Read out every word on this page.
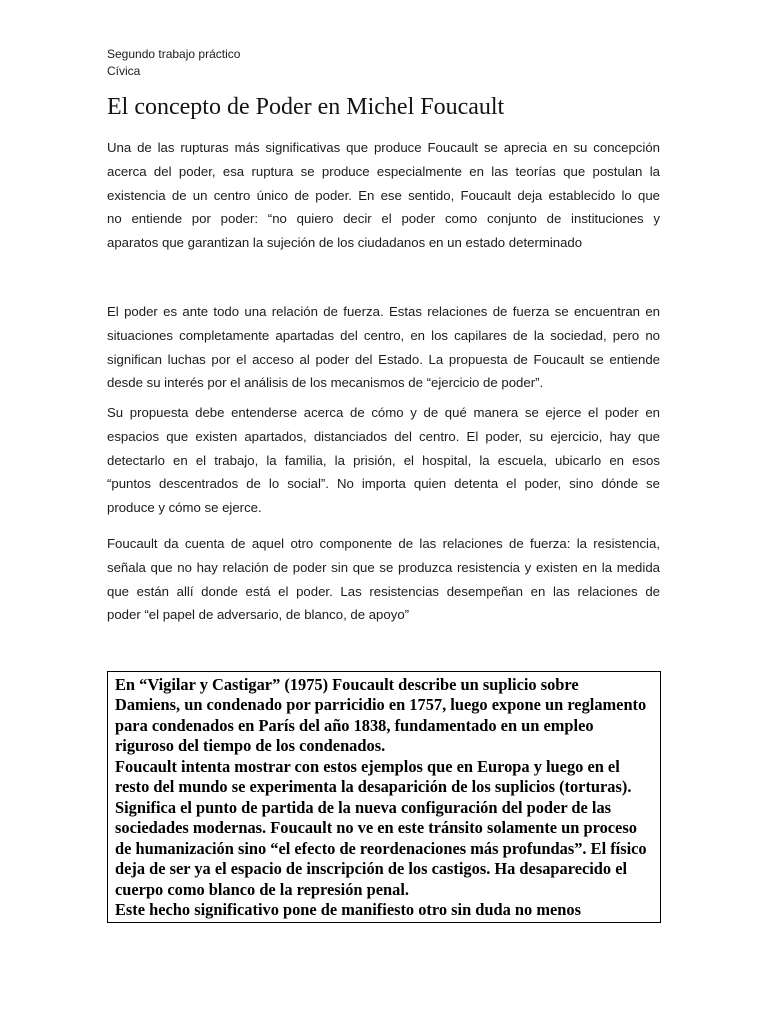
Segundo trabajo práctico
Cívica
El concepto de Poder en Michel Foucault
Una de las rupturas más significativas que produce Foucault se aprecia en su concepción
acerca del poder, esa ruptura se produce especialmente en las teorías que postulan la
existencia de un centro único de poder. En ese sentido, Foucault deja establecido lo que
no entiende por poder: “no quiero decir el poder como conjunto de instituciones y
aparatos que garantizan la sujeción de los ciudadanos en un estado determinado
El poder es ante todo una relación de fuerza. Estas relaciones de fuerza se encuentran en
situaciones completamente apartadas del centro, en los capilares de la sociedad, pero no
significan luchas por el acceso al poder del Estado. La propuesta de Foucault se entiende
desde su interés por el análisis de los mecanismos de “ejercicio de poder”.
Su propuesta debe entenderse acerca de cómo y de qué manera se ejerce el poder en
espacios que existen apartados, distanciados del centro. El poder, su ejercicio, hay que
detectarlo en el trabajo, la familia, la prisión, el hospital, la escuela, ubicarlo en esos
“puntos descentrados de lo social”. No importa quien detenta el poder, sino dónde se
produce y cómo se ejerce.
Foucault da cuenta de aquel otro componente de las relaciones de fuerza: la resistencia,
señala que no hay relación de poder sin que se produzca resistencia y existen en la medida
que están allí donde está el poder. Las resistencias desempeñan en las relaciones de
poder “el papel de adversario, de blanco, de apoyo”
En “Vigilar y Castigar” (1975) Foucault describe un suplicio sobre
Damiens, un condenado por parricidio en 1757, luego expone un reglamento
para condenados en París del año 1838, fundamentado en un empleo
riguroso del tiempo de los condenados.
Foucault intenta mostrar con estos ejemplos que en Europa y luego en el
resto del mundo se experimenta la desaparición de los suplicios (torturas).
Significa el punto de partida de la nueva configuración del poder de las
sociedades modernas. Foucault no ve en este tránsito solamente un proceso
de humanización sino “el efecto de reordenaciones más profundas”. El físico
deja de ser ya el espacio de inscripción de los castigos. Ha desaparecido el
cuerpo como blanco de la represión penal.
Este hecho significativo pone de manifiesto otro sin duda no menos
